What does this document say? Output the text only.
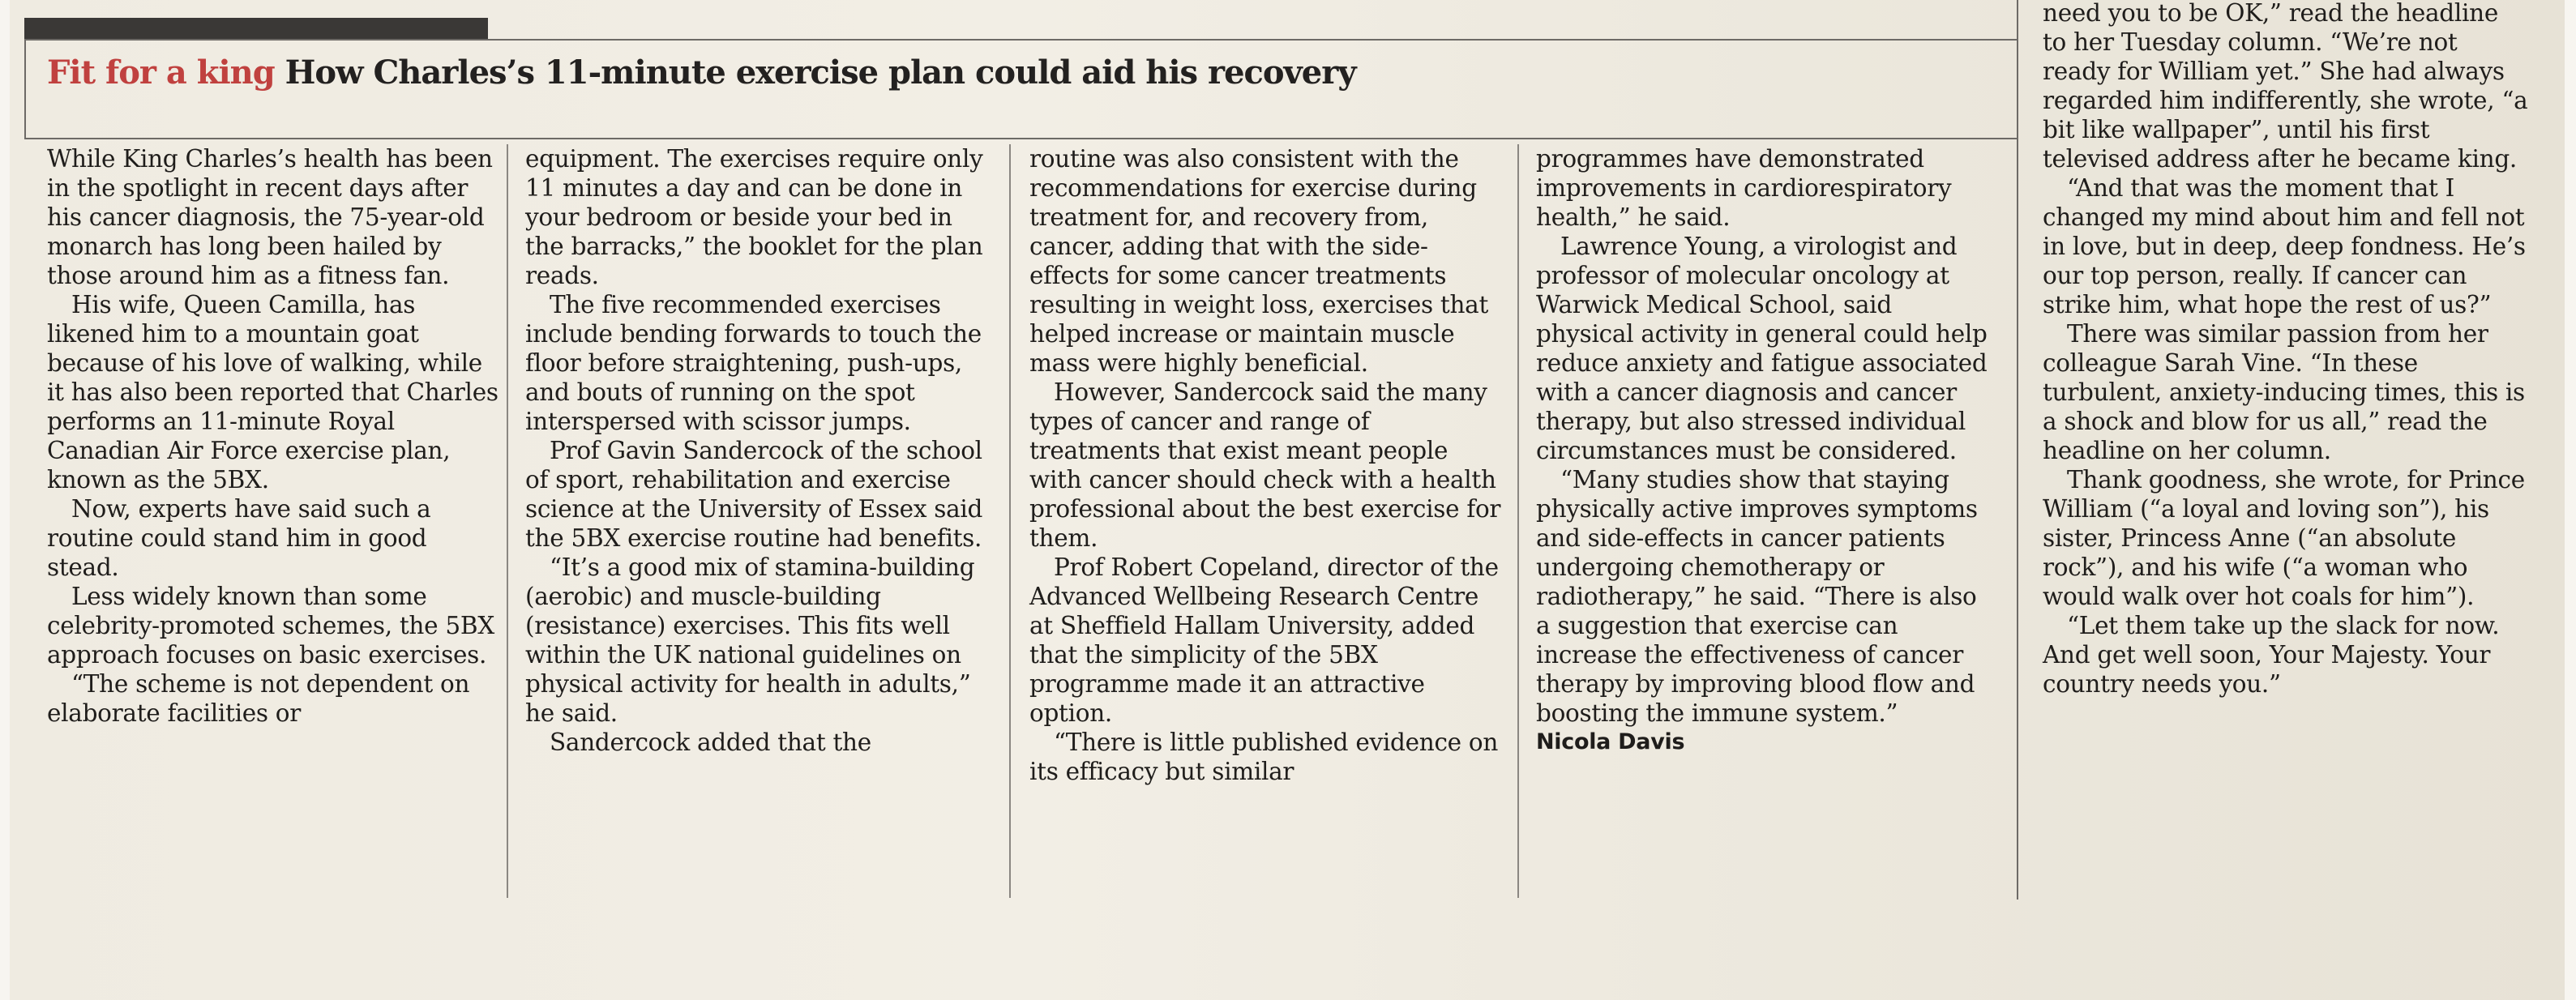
Fit for a king How Charles’s 11-minute exercise plan could aid his recovery

While King Charles’s health has been in the spotlight in recent days after his cancer diagnosis, the 75-year-old monarch has long been hailed by those around him as a fitness fan.

His wife, Queen Camilla, has likened him to a mountain goat because of his love of walking, while it has also been reported that Charles performs an 11-minute Royal Canadian Air Force exercise plan, known as the 5BX.

Now, experts have said such a routine could stand him in good stead.

Less widely known than some celebrity-promoted schemes, the 5BX approach focuses on basic exercises.

“The scheme is not dependent on elaborate facilities or

equipment. The exercises require only 11 minutes a day and can be done in your bedroom or beside your bed in the barracks,” the booklet for the plan reads.

The five recommended exercises include bending forwards to touch the floor before straightening, push-ups, and bouts of running on the spot interspersed with scissor jumps.

Prof Gavin Sandercock of the school of sport, rehabilitation and exercise science at the University of Essex said the 5BX exercise routine had benefits.

“It’s a good mix of stamina-building (aerobic) and muscle-building (resistance) exercises. This fits well within the UK national guidelines on physical activity for health in adults,” he said.

Sandercock added that the

routine was also consistent with the recommendations for exercise during treatment for, and recovery from, cancer, adding that with the side-effects for some cancer treatments resulting in weight loss, exercises that helped increase or maintain muscle mass were highly beneficial.

However, Sandercock said the many types of cancer and range of treatments that exist meant people with cancer should check with a health professional about the best exercise for them.

Prof Robert Copeland, director of the Advanced Wellbeing Research Centre at Sheffield Hallam University, added that the simplicity of the 5BX programme made it an attractive option.

“There is little published evidence on its efficacy but similar

programmes have demonstrated improvements in cardiorespiratory health,” he said.

Lawrence Young, a virologist and professor of molecular oncology at Warwick Medical School, said physical activity in general could help reduce anxiety and fatigue associated with a cancer diagnosis and cancer therapy, but also stressed individual circumstances must be considered.

“Many studies show that staying physically active improves symptoms and side-effects in cancer patients undergoing chemotherapy or radiotherapy,” he said. “There is also a suggestion that exercise can increase the effectiveness of cancer therapy by improving blood flow and boosting the immune system.”

Nicola Davis

need you to be OK,” read the headline to her Tuesday column. “We’re not ready for William yet.” She had always regarded him indifferently, she wrote, “a bit like wallpaper”, until his first televised address after he became king.

“And that was the moment that I changed my mind about him and fell not in love, but in deep, deep fondness. He’s our top person, really. If cancer can strike him, what hope the rest of us?”

There was similar passion from her colleague Sarah Vine. “In these turbulent, anxiety-inducing times, this is a shock and blow for us all,” read the headline on her column.

Thank goodness, she wrote, for Prince William (“a loyal and loving son”), his sister, Princess Anne (“an absolute rock”), and his wife (“a woman who would walk over hot coals for him”).

“Let them take up the slack for now. And get well soon, Your Majesty. Your country needs you.”
